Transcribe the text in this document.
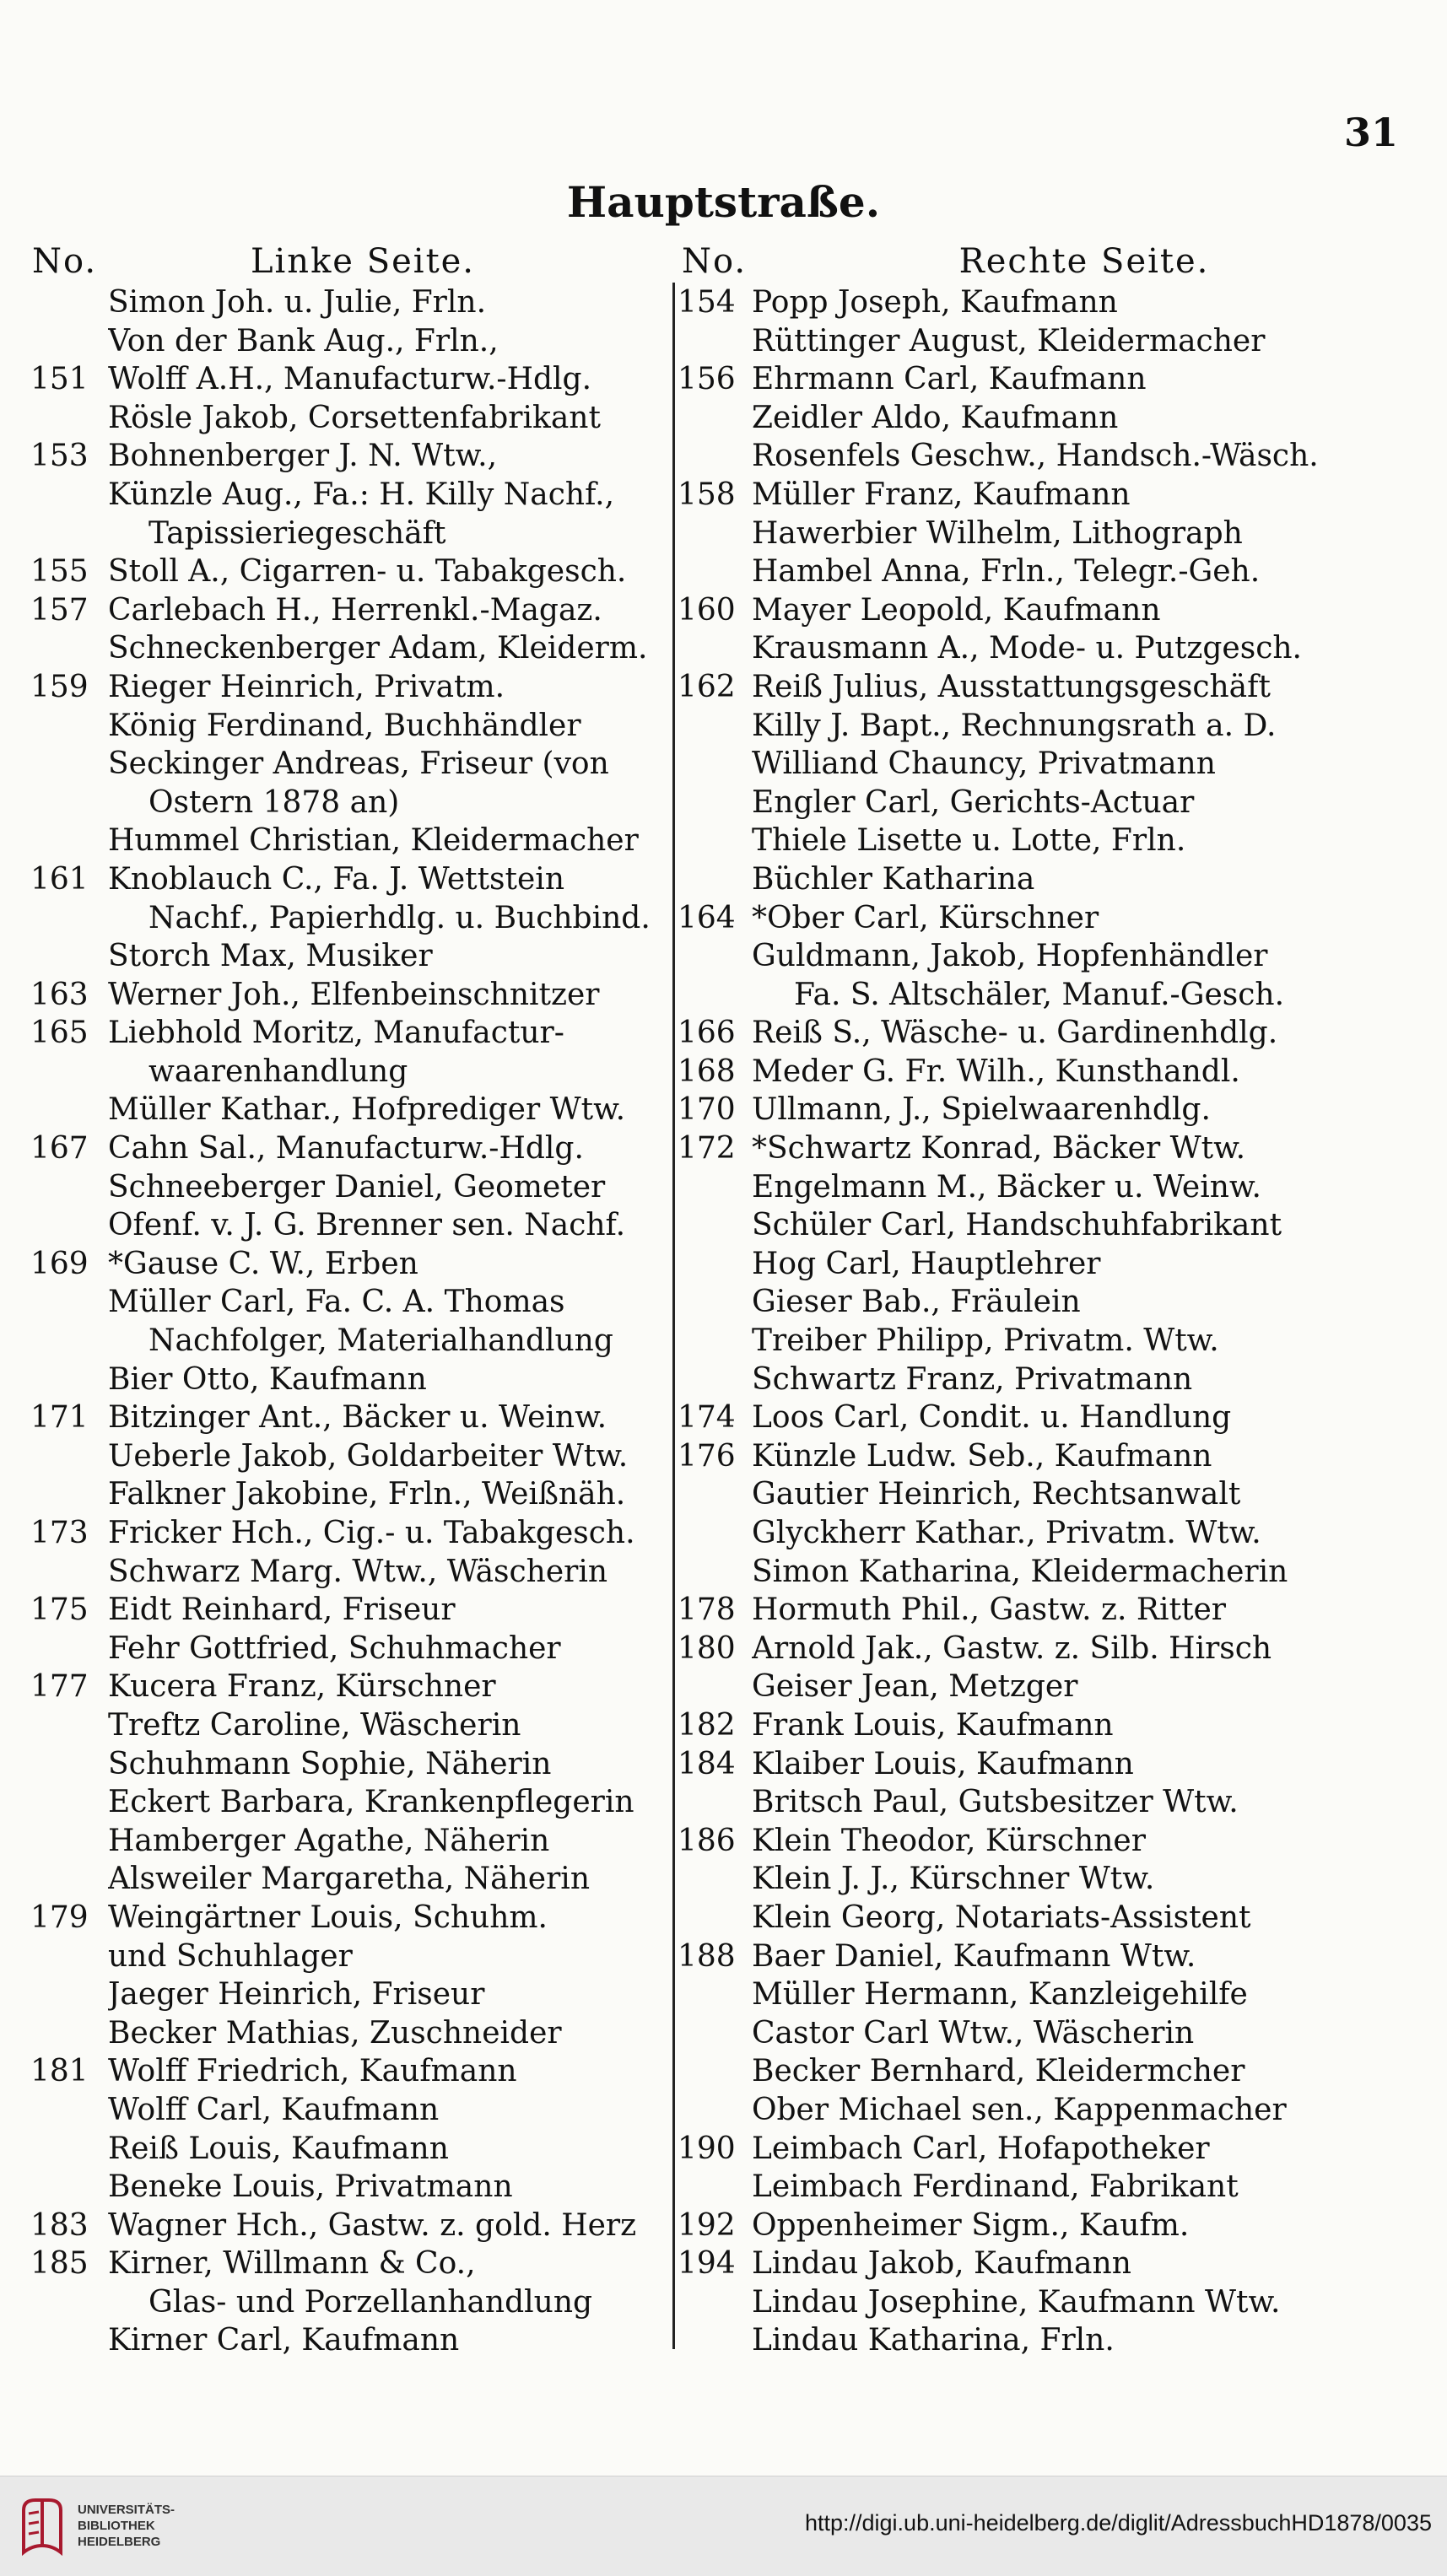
31
Hauptstraße.
No.	Linke Seite.	No.	Rechte Seite.
Simon Joh. u. Julie, Frln.
Von der Bank Aug., Frln.,
151 Wolff A.H., Manufacturw.-Hdlg.
Rösle Jakob, Corsettenfabrikant
153 Bohnenberger J. N. Wtw.,
Künzle Aug., Fa.: H. Killy Nachf.,
Tapissieriegeschäft
155 Stoll A., Cigarren- u. Tabakgesch.
157 Carlebach H., Herrenkl.-Magaz.
Schneckenberger Adam, Kleiderm.
159 Rieger Heinrich, Privatm.
König Ferdinand, Buchhändler
Seckinger Andreas, Friseur (von
Ostern 1878 an)
Hummel Christian, Kleidermacher
161 Knoblauch C., Fa. J. Wettstein
Nachf., Papierhdlg. u. Buchbind.
Storch Max, Musiker
163 Werner Joh., Elfenbeinschnitzer
165 Liebhold Moritz, Manufactur-
waarenhandlung
Müller Kathar., Hofprediger Wtw.
167 Cahn Sal., Manufacturw.-Hdlg.
Schneeberger Daniel, Geometer
Ofenf. v. J. G. Brenner sen. Nachf.
169 *Gause C. W., Erben
Müller Carl, Fa. C. A. Thomas
Nachfolger, Materialhandlung
Bier Otto, Kaufmann
171 Bitzinger Ant., Bäcker u. Weinw.
Ueberle Jakob, Goldarbeiter Wtw.
Falkner Jakobine, Frln., Weißnäh.
173 Fricker Hch., Cig.- u. Tabakgesch.
Schwarz Marg. Wtw., Wäscherin
175 Eidt Reinhard, Friseur
Fehr Gottfried, Schuhmacher
177 Kucera Franz, Kürschner
Treftz Caroline, Wäscherin
Schuhmann Sophie, Näherin
Eckert Barbara, Krankenpflegerin
Hamberger Agathe, Näherin
Alsweiler Margaretha, Näherin
179 Weingärtner Louis, Schuhm.
und Schuhlager
Jaeger Heinrich, Friseur
Becker Mathias, Zuschneider
181 Wolff Friedrich, Kaufmann
Wolff Carl, Kaufmann
Reiß Louis, Kaufmann
Beneke Louis, Privatmann
183 Wagner Hch., Gastw. z. gold. Herz
185 Kirner, Willmann & Co.,
Glas- und Porzellanhandlung
Kirner Carl, Kaufmann
154 Popp Joseph, Kaufmann
Rüttinger August, Kleidermacher
156 Ehrmann Carl, Kaufmann
Zeidler Aldo, Kaufmann
Rosenfels Geschw., Handsch.-Wäsch.
158 Müller Franz, Kaufmann
Hawerbier Wilhelm, Lithograph
Hambel Anna, Frln., Telegr.-Geh.
160 Mayer Leopold, Kaufmann
Krausmann A., Mode- u. Putzgesch.
162 Reiß Julius, Ausstattungsgeschäft
Killy J. Bapt., Rechnungsrath a. D.
Williand Chauncy, Privatmann
Engler Carl, Gerichts-Actuar
Thiele Lisette u. Lotte, Frln.
Büchler Katharina
164 *Ober Carl, Kürschner
Guldmann, Jakob, Hopfenhändler
Fa. S. Altschäler, Manuf.-Gesch.
166 Reiß S., Wäsche- u. Gardinenhdlg.
168 Meder G. Fr. Wilh., Kunsthandl.
170 Ullmann, J., Spielwaarenhdlg.
172 *Schwartz Konrad, Bäcker Wtw.
Engelmann M., Bäcker u. Weinw.
Schüler Carl, Handschuhfabrikant
Hog Carl, Hauptlehrer
Gieser Bab., Fräulein
Treiber Philipp, Privatm. Wtw.
Schwartz Franz, Privatmann
174 Loos Carl, Condit. u. Handlung
176 Künzle Ludw. Seb., Kaufmann
Gautier Heinrich, Rechtsanwalt
Glyckherr Kathar., Privatm. Wtw.
Simon Katharina, Kleidermacherin
178 Hormuth Phil., Gastw. z. Ritter
180 Arnold Jak., Gastw. z. Silb. Hirsch
Geiser Jean, Metzger
182 Frank Louis, Kaufmann
184 Klaiber Louis, Kaufmann
Britsch Paul, Gutsbesitzer Wtw.
186 Klein Theodor, Kürschner
Klein J. J., Kürschner Wtw.
Klein Georg, Notariats-Assistent
188 Baer Daniel, Kaufmann Wtw.
Müller Hermann, Kanzleigehilfe
Castor Carl Wtw., Wäscherin
Becker Bernhard, Kleidermcher
Ober Michael sen., Kappenmacher
190 Leimbach Carl, Hofapotheker
Leimbach Ferdinand, Fabrikant
192 Oppenheimer Sigm., Kaufm.
194 Lindau Jakob, Kaufmann
Lindau Josephine, Kaufmann Wtw.
Lindau Katharina, Frln.
UNIVERSITÄTS-
BIBLIOTHEK
HEIDELBERG
http://digi.ub.uni-heidelberg.de/diglit/AdressbuchHD1878/0035
